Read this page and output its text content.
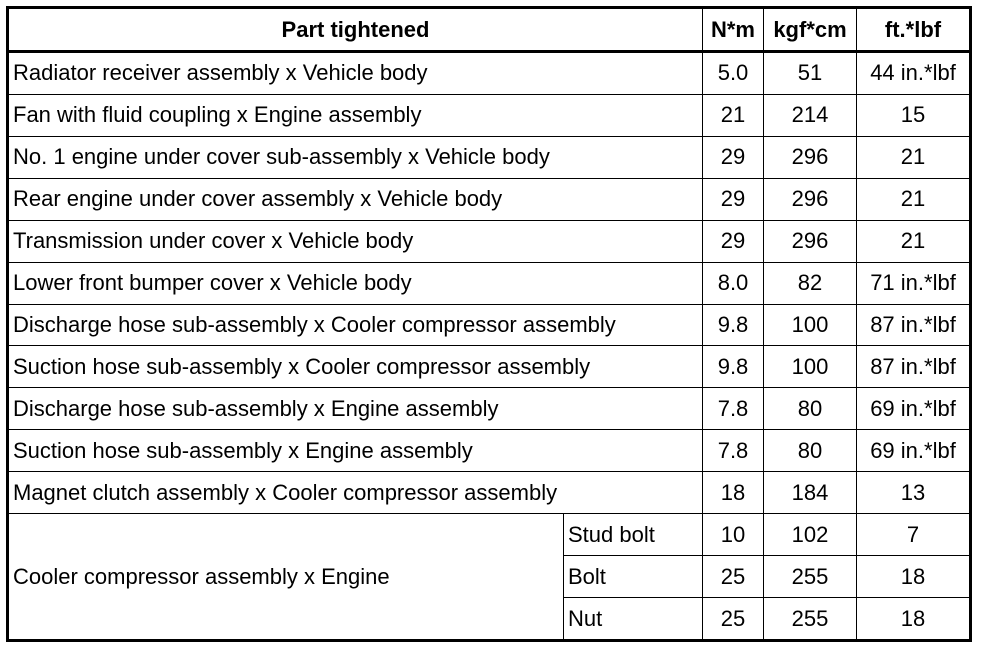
Part tightened		N*m	kgf*cm	ft.*lbf
Radiator receiver assembly x Vehicle body		5.0	51	44 in.*lbf
Fan with fluid coupling x Engine assembly		21	214	15
No. 1 engine under cover sub-assembly x Vehicle body		29	296	21
Rear engine under cover assembly x Vehicle body		29	296	21
Transmission under cover x Vehicle body		29	296	21
Lower front bumper cover x Vehicle body		8.0	82	71 in.*lbf
Discharge hose sub-assembly x Cooler compressor assembly		9.8	100	87 in.*lbf
Suction hose sub-assembly x Cooler compressor assembly		9.8	100	87 in.*lbf
Discharge hose sub-assembly x Engine assembly		7.8	80	69 in.*lbf
Suction hose sub-assembly x Engine assembly		7.8	80	69 in.*lbf
Magnet clutch assembly x Cooler compressor assembly		18	184	13
Cooler compressor assembly x Engine	Stud bolt	10	102	7
	Bolt	25	255	18
	Nut	25	255	18
